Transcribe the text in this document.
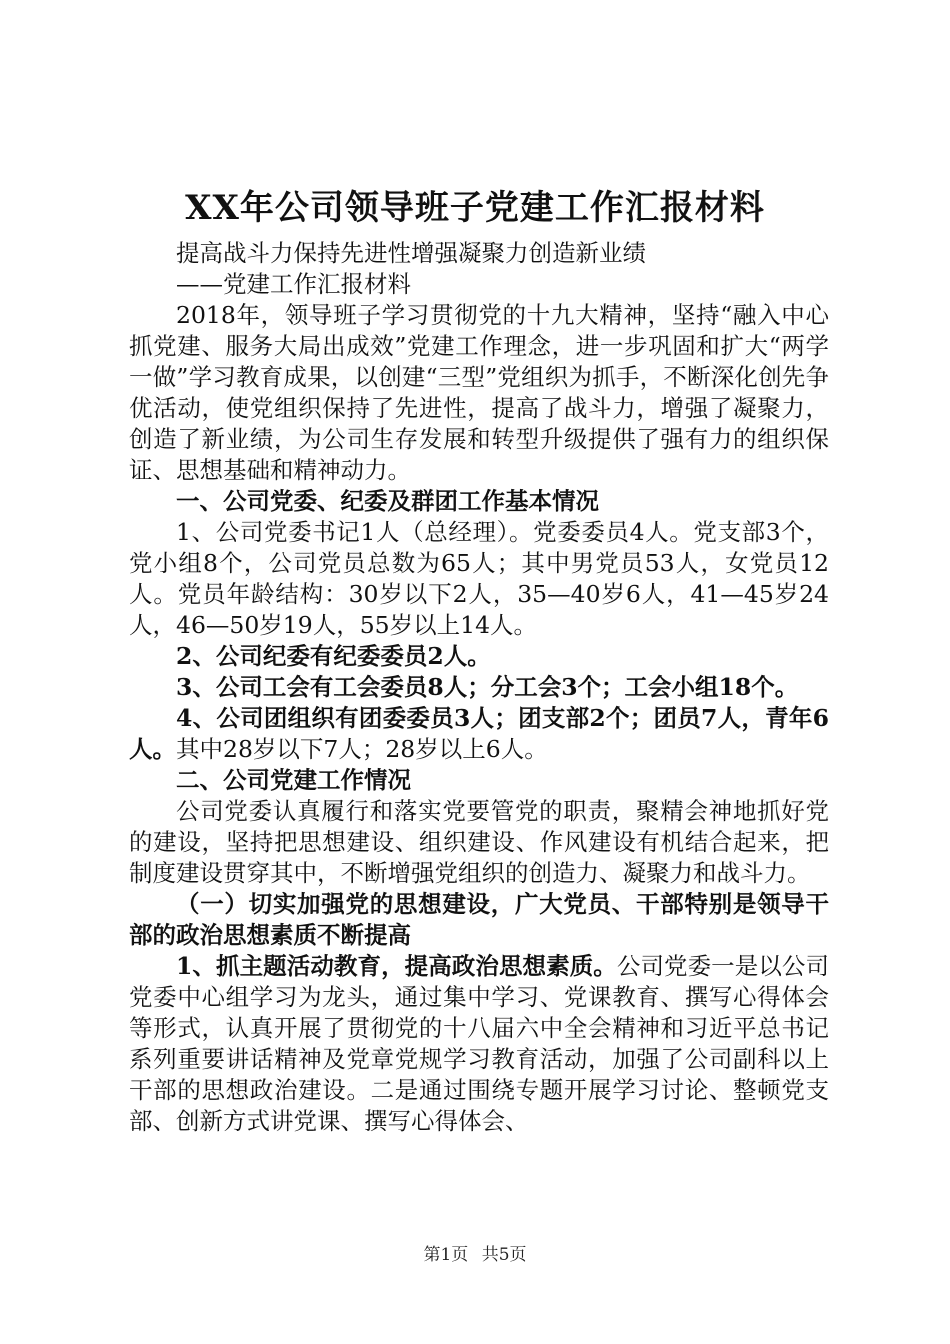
XX年公司领导班子党建工作汇报材料

提高战斗力保持先进性增强凝聚力创造新业绩

——党建工作汇报材料

2018年，领导班子学习贯彻党的十九大精神，坚持“融入中心抓党建、服务大局出成效”党建工作理念，进一步巩固和扩大“两学一做”学习教育成果，以创建“三型”党组织为抓手，不断深化创先争优活动，使党组织保持了先进性，提高了战斗力，增强了凝聚力，创造了新业绩，为公司生存发展和转型升级提供了强有力的组织保证、思想基础和精神动力。

一、公司党委、纪委及群团工作基本情况

1、公司党委书记1人（总经理）。党委委员4人。党支部3个，党小组8个，公司党员总数为65人；其中男党员53人，女党员12人。党员年龄结构：30岁以下2人，35—40岁6人，41—45岁24人，46—50岁19人，55岁以上14人。

2、公司纪委有纪委委员2人。

3、公司工会有工会委员8人；分工会3个；工会小组18个。

4、公司团组织有团委委员3人；团支部2个；团员7人，青年6人。其中28岁以下7人；28岁以上6人。

二、公司党建工作情况

公司党委认真履行和落实党要管党的职责，聚精会神地抓好党的建设，坚持把思想建设、组织建设、作风建设有机结合起来，把制度建设贯穿其中，不断增强党组织的创造力、凝聚力和战斗力。

（一）切实加强党的思想建设，广大党员、干部特别是领导干部的政治思想素质不断提高

1、抓主题活动教育，提高政治思想素质。公司党委一是以公司党委中心组学习为龙头，通过集中学习、党课教育、撰写心得体会等形式，认真开展了贯彻党的十八届六中全会精神和习近平总书记系列重要讲话精神及党章党规学习教育活动，加强了公司副科以上干部的思想政治建设。二是通过围绕专题开展学习讨论、整顿党支部、创新方式讲党课、撰写心得体会、

第1页 共5页
